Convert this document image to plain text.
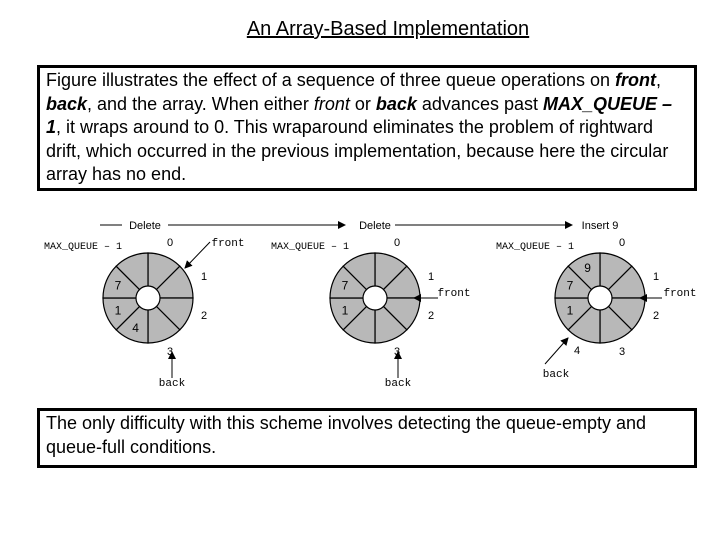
An Array-Based Implementation
Figure illustrates the effect of a sequence of three queue operations on front, back, and the array. When either front or back advances past MAX_QUEUE – 1, it wraps around to 0. This wraparound eliminates the problem of rightward drift, which occurred in the previous implementation, because here the circular array has no end.
Delete	Delete	Insert 9
4
1
7
0
1
2
3
MAX_QUEUE – 1
1
7
0
1
2
3
MAX_QUEUE – 1
1
7
9
0
1
2
3
MAX_QUEUE – 1
front
back
front
back
front
back
4
The only difficulty with this scheme involves detecting the queue-empty and queue-full conditions.
